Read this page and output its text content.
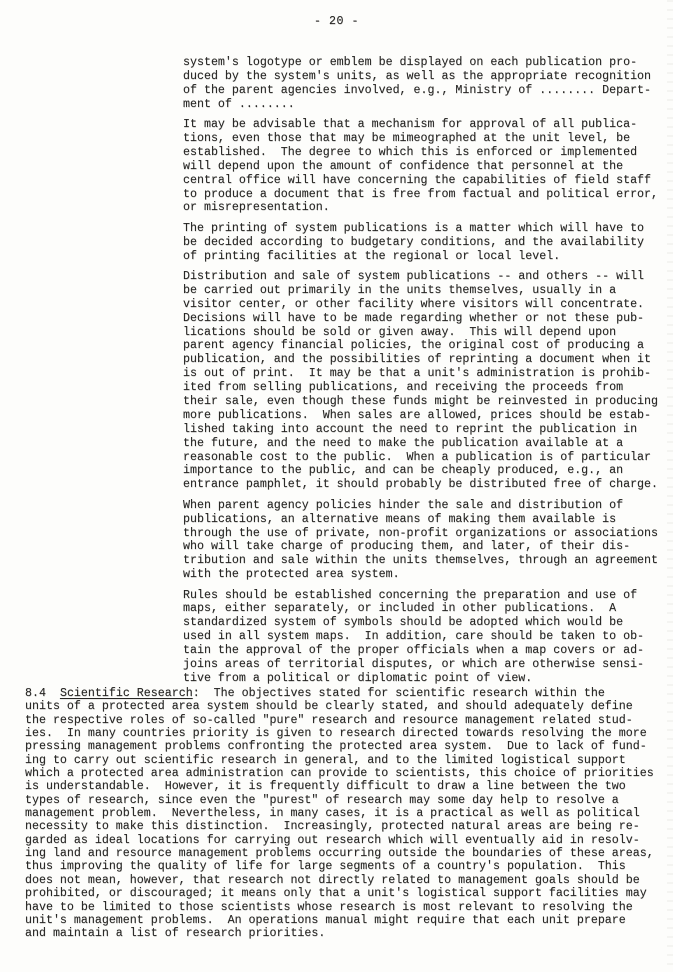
- 20 -
system's logotype or emblem be displayed on each publication pro-
duced by the system's units, as well as the appropriate recognition
of the parent agencies involved, e.g., Ministry of ........ Depart-
ment of ........
It may be advisable that a mechanism for approval of all publica-
tions, even those that may be mimeographed at the unit level, be
established.  The degree to which this is enforced or implemented
will depend upon the amount of confidence that personnel at the
central office will have concerning the capabilities of field staff
to produce a document that is free from factual and political error,
or misrepresentation.
The printing of system publications is a matter which will have to
be decided according to budgetary conditions, and the availability
of printing facilities at the regional or local level.
Distribution and sale of system publications -- and others -- will
be carried out primarily in the units themselves, usually in a
visitor center, or other facility where visitors will concentrate.
Decisions will have to be made regarding whether or not these pub-
lications should be sold or given away.  This will depend upon
parent agency financial policies, the original cost of producing a
publication, and the possibilities of reprinting a document when it
is out of print.  It may be that a unit's administration is prohib-
ited from selling publications, and receiving the proceeds from
their sale, even though these funds might be reinvested in producing
more publications.  When sales are allowed, prices should be estab-
lished taking into account the need to reprint the publication in
the future, and the need to make the publication available at a
reasonable cost to the public.  When a publication is of particular
importance to the public, and can be cheaply produced, e.g., an
entrance pamphlet, it should probably be distributed free of charge.
When parent agency policies hinder the sale and distribution of
publications, an alternative means of making them available is
through the use of private, non-profit organizations or associations
who will take charge of producing them, and later, of their dis-
tribution and sale within the units themselves, through an agreement
with the protected area system.
Rules should be established concerning the preparation and use of
maps, either separately, or included in other publications.  A
standardized system of symbols should be adopted which would be
used in all system maps.  In addition, care should be taken to ob-
tain the approval of the proper officials when a map covers or ad-
joins areas of territorial disputes, or which are otherwise sensi-
tive from a political or diplomatic point of view.
8.4 Scientific Research:  The objectives stated for scientific research within the
units of a protected area system should be clearly stated, and should adequately define
the respective roles of so-called "pure" research and resource management related stud-
ies.  In many countries priority is given to research directed towards resolving the more
pressing management problems confronting the protected area system.  Due to lack of fund-
ing to carry out scientific research in general, and to the limited logistical support
which a protected area administration can provide to scientists, this choice of priorities
is understandable.  However, it is frequently difficult to draw a line between the two
types of research, since even the "purest" of research may some day help to resolve a
management problem.  Nevertheless, in many cases, it is a practical as well as political
necessity to make this distinction.  Increasingly, protected natural areas are being re-
garded as ideal locations for carrying out research which will eventually aid in resolv-
ing land and resource management problems occurring outside the boundaries of these areas,
thus improving the quality of life for large segments of a country's population.  This
does not mean, however, that research not directly related to management goals should be
prohibited, or discouraged; it means only that a unit's logistical support facilities may
have to be limited to those scientists whose research is most relevant to resolving the
unit's management problems.  An operations manual might require that each unit prepare
and maintain a list of research priorities.
